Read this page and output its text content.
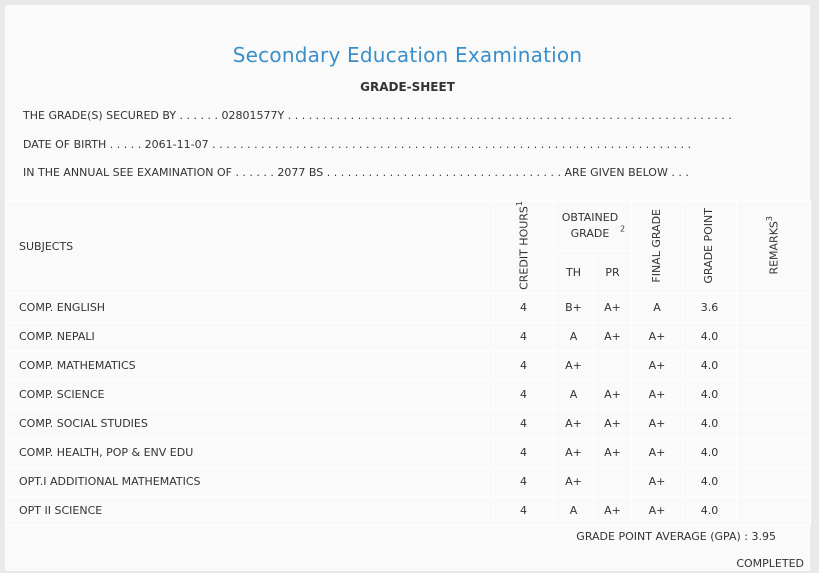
Secondary Education Examination
GRADE-SHEET
THE GRADE(S) SECURED BY . . . . . . 02801577Y . . . . . . . . . . . . . . . . . . . . . . . . . . . . . . . . . . . . . . . . . . . . . . . . . . . . . . . . . . . . . . . .
DATE OF BIRTH . . . . . 2061-11-07 . . . . . . . . . . . . . . . . . . . . . . . . . . . . . . . . . . . . . . . . . . . . . . . . . . . . . . . . . . . . . . . . . . . . .
IN THE ANNUAL SEE EXAMINATION OF . . . . . . 2077 BS . . . . . . . . . . . . . . . . . . . . . . . . . . . . . . . . . . ARE GIVEN BELOW . . .
SUBJECTS	CREDIT HOURS$^1$	OBTAINED GRADE $^2$		FINAL GRADE	GRADE POINT	REMARKS$^3$
		TH	PR			
COMP. ENGLISH	4	B+	A+	A	3.6	
COMP. NEPALI	4	A	A+	A+	4.0	
COMP. MATHEMATICS	4	A+		A+	4.0	
COMP. SCIENCE	4	A	A+	A+	4.0	
COMP. SOCIAL STUDIES	4	A+	A+	A+	4.0	
COMP. HEALTH, POP & ENV EDU	4	A+	A+	A+	4.0	
OPT.I ADDITIONAL MATHEMATICS	4	A+		A+	4.0	
OPT II SCIENCE	4	A	A+	A+	4.0	
GRADE POINT AVERAGE (GPA) : 3.95
COMPLETED
